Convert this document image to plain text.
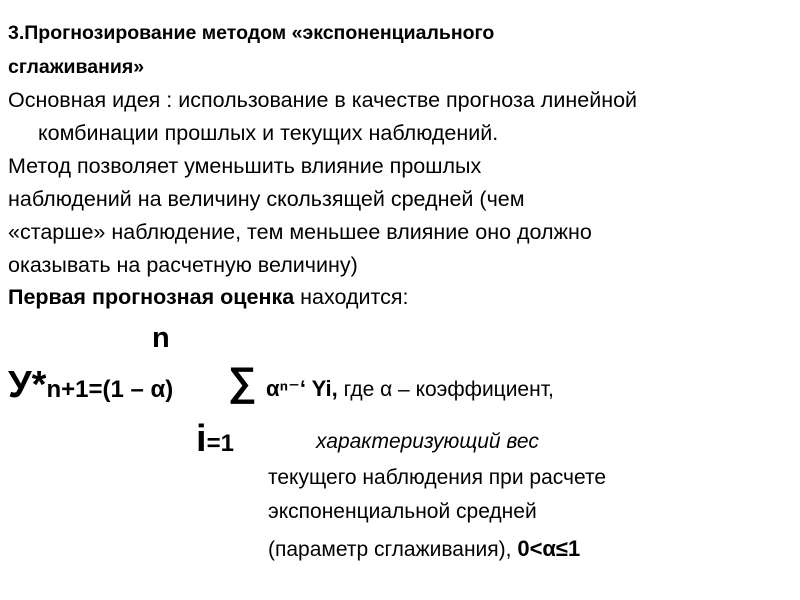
3.Прогнозирование методом «экспоненциального
сглаживания»
Основная идея : использование в качестве прогноза линейной
комбинации прошлых и текущих наблюдений.
Метод позволяет уменьшить влияние прошлых
наблюдений на величину скользящей средней (чем
«старше» наблюдение, тем меньшее влияние оно должно
оказывать на расчетную величину)
Первая прогнозная оценка находится:
n
У*n+1=(1 – α) ∑ αⁿ⁻‘ Yi, где α – коэффициент,
i=1	характеризующий вес
текущего наблюдения при расчете
экспоненциальной средней
(параметр сглаживания), 0<α≤1
